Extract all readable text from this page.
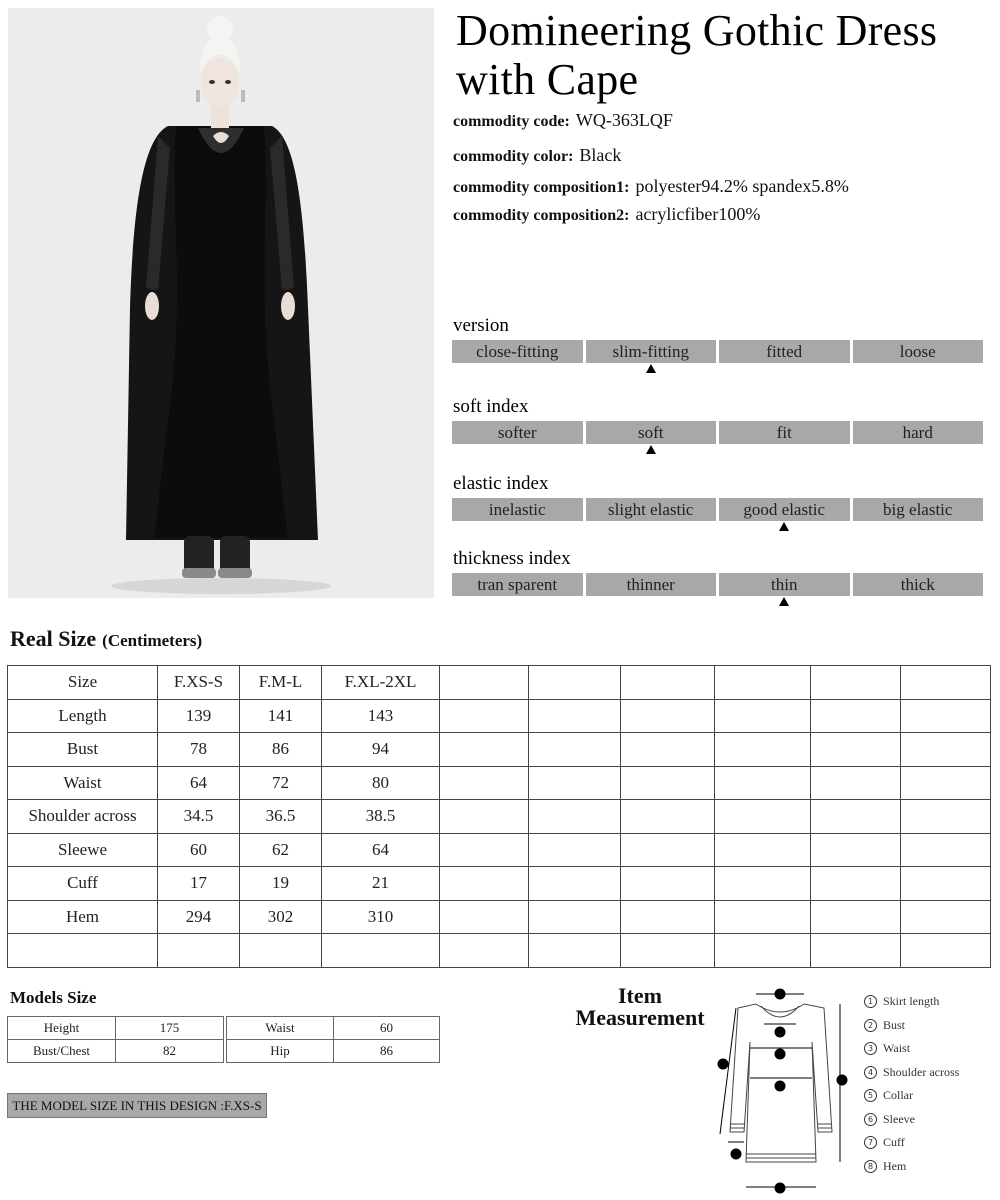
Domineering Gothic Dress with Cape
commodity code: WQ-363LQF
commodity color: Black
commodity composition1: polyester94.2% spandex5.8%
commodity composition2: acrylicfiber100%
version
close-fitting	slim-fitting	fitted	loose
soft index
softer	soft	fit	hard
elastic index
inelastic	slight elastic	good elastic	big elastic
thickness index
tran sparent	thinner	thin	thick
Real Size (Centimeters)
Size	F.XS-S	F.M-L	F.XL-2XL						
Length	139	141	143						
Bust	78	86	94						
Waist	64	72	80						
Shoulder across	34.5	36.5	38.5						
Sleewe	60	62	64						
Cuff	17	19	21						
Hem	294	302	310						

Models Size
Height	175
Bust/Chest	82
Waist	60
Hip	86
THE MODEL SIZE IN THIS DESIGN :F.XS-S
Item
Measurement
1 Skirt length
2 Bust
3 Waist
4 Shoulder across
5 Collar
6 Sleeve
7 Cuff
8 Hem
